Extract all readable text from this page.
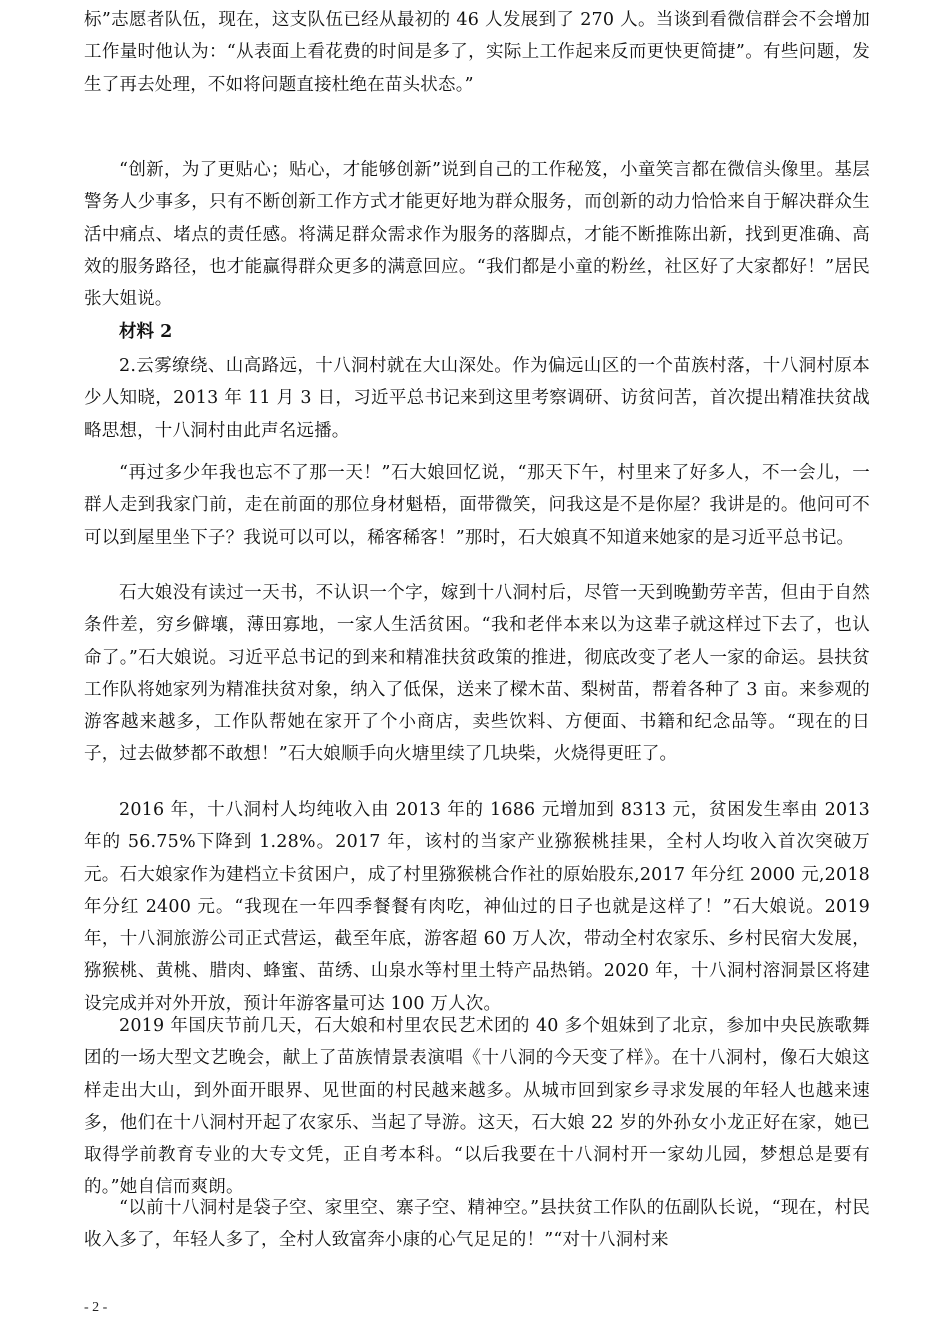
标”志愿者队伍，现在，这支队伍已经从最初的 46 人发展到了 270 人。当谈到看微信群会不会增加工作量时他认为：“从表面上看花费的时间是多了，实际上工作起来反而更快更简捷”。有些问题，发生了再去处理，不如将问题直接杜绝在苗头状态。”

“创新，为了更贴心；贴心，才能够创新”说到自己的工作秘笈，小童笑言都在微信头像里。基层警务人少事多，只有不断创新工作方式才能更好地为群众服务，而创新的动力恰恰来自于解决群众生活中痛点、堵点的责任感。将满足群众需求作为服务的落脚点，才能不断推陈出新，找到更准确、高效的服务路径，也才能赢得群众更多的满意回应。“我们都是小童的粉丝，社区好了大家都好！”居民张大姐说。

材料 2

2.云雾缭绕、山高路远，十八洞村就在大山深处。作为偏远山区的一个苗族村落，十八洞村原本少人知晓，2013 年 11 月 3 日，习近平总书记来到这里考察调研、访贫问苦，首次提出精准扶贫战略思想，十八洞村由此声名远播。

“再过多少年我也忘不了那一天！”石大娘回忆说，“那天下午，村里来了好多人，不一会儿，一群人走到我家门前，走在前面的那位身材魁梧，面带微笑，问我这是不是你屋？我讲是的。他问可不可以到屋里坐下子？我说可以可以，稀客稀客！”那时，石大娘真不知道来她家的是习近平总书记。

石大娘没有读过一天书，不认识一个字，嫁到十八洞村后，尽管一天到晚勤劳辛苦，但由于自然条件差，穷乡僻壤，薄田寡地，一家人生活贫困。“我和老伴本来以为这辈子就这样过下去了，也认命了。”石大娘说。习近平总书记的到来和精准扶贫政策的推进，彻底改变了老人一家的命运。县扶贫工作队将她家列为精准扶贫对象，纳入了低保，送来了樑木苗、梨树苗，帮着各种了 3 亩。来参观的游客越来越多，工作队帮她在家开了个小商店，卖些饮料、方便面、书籍和纪念品等。“现在的日子，过去做梦都不敢想！”石大娘顺手向火塘里续了几块柴，火烧得更旺了。

2016 年，十八洞村人均纯收入由 2013 年的 1686 元增加到 8313 元，贫困发生率由 2013 年的 56.75%下降到 1.28%。2017 年，该村的当家产业猕猴桃挂果，全村人均收入首次突破万元。石大娘家作为建档立卡贫困户，成了村里猕猴桃合作社的原始股东,2017 年分红 2000 元,2018 年分红 2400 元。“我现在一年四季餐餐有肉吃，神仙过的日子也就是这样了！”石大娘说。2019 年，十八洞旅游公司正式营运，截至年底，游客超 60 万人次，带动全村农家乐、乡村民宿大发展，猕猴桃、黄桃、腊肉、蜂蜜、苗绣、山泉水等村里土特产品热销。2020 年，十八洞村溶洞景区将建设完成并对外开放，预计年游客量可达 100 万人次。

2019 年国庆节前几天，石大娘和村里农民艺术团的 40 多个姐妹到了北京，参加中央民族歌舞团的一场大型文艺晚会，献上了苗族情景表演唱《十八洞的今天变了样》。在十八洞村，像石大娘这样走出大山，到外面开眼界、见世面的村民越来越多。从城市回到家乡寻求发展的年轻人也越来速多，他们在十八洞村开起了农家乐、当起了导游。这天，石大娘 22 岁的外孙女小龙正好在家，她已取得学前教育专业的大专文凭，正自考本科。“以后我要在十八洞村开一家幼儿园，梦想总是要有的。”她自信而爽朗。

“以前十八洞村是袋子空、家里空、寨子空、精神空。”县扶贫工作队的伍副队长说，“现在，村民收入多了，年轻人多了，全村人致富奔小康的心气足足的！”“对十八洞村来

- 2 -
